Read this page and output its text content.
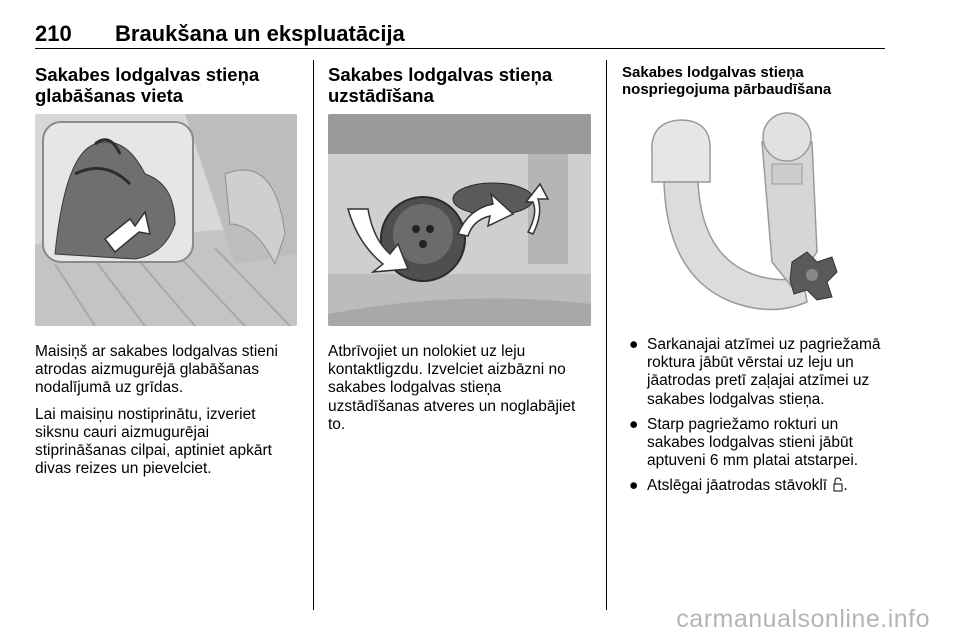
210 Braukšana un ekspluatācija
Sakabes lodgalvas stieņa glabāšanas vieta

Maisiņš ar sakabes lodgalvas stieni atrodas aizmugurējā glabāšanas nodalījumā uz grīdas.

Lai maisiņu nostiprinātu, izveriet siksnu cauri aizmugurējai stiprināšanas cilpai, aptiniet apkārt divas reizes un pievelciet.

Sakabes lodgalvas stieņa uzstādīšana

Atbrīvojiet un nolokiet uz leju kontaktligzdu. Izvelciet aizbāzni no sakabes lodgalvas stieņa uzstādīšanas atveres un noglabājiet to.

Sakabes lodgalvas stieņa nospriegojuma pārbaudīšana
● Sarkanajai atzīmei uz pagriežamā roktura jābūt vērstai uz leju un jāatrodas pretī zaļajai atzīmei uz sakabes lodgalvas stieņa.
● Starp pagriežamo rokturi un sakabes lodgalvas stieni jābūt aptuveni 6 mm platai atstarpei.
● Atslēgai jāatrodas stāvoklī .
carmanualsonline.info
